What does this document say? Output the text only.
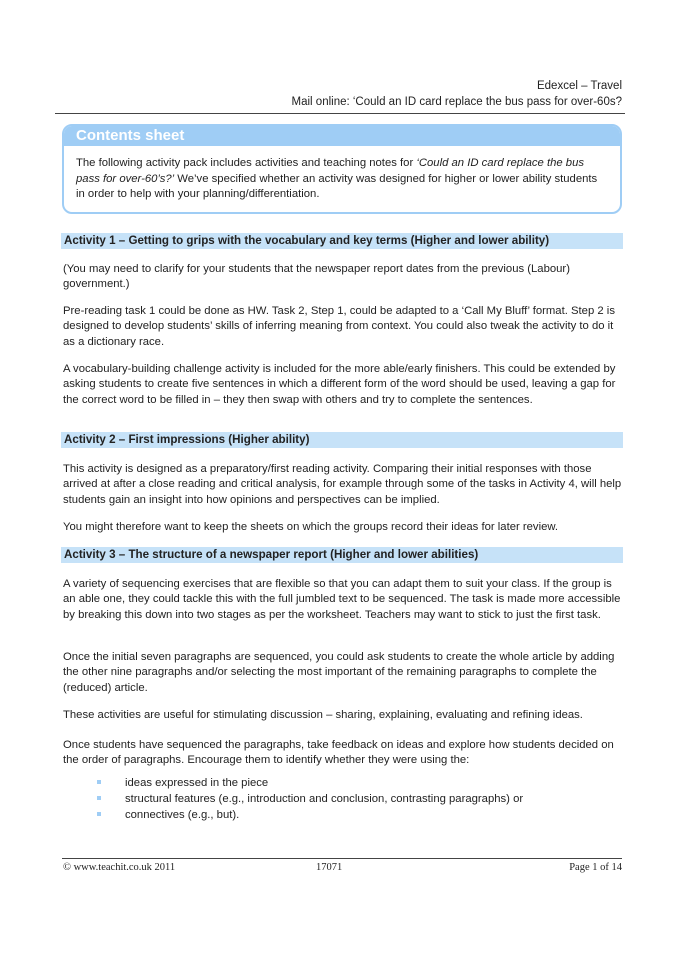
Edexcel – Travel
Mail online: ‘Could an ID card replace the bus pass for over-60s?
Contents sheet
The following activity pack includes activities and teaching notes for ‘Could an ID card replace the bus pass for over-60’s?’ We’ve specified whether an activity was designed for higher or lower ability students in order to help with your planning/differentiation.
Activity 1 – Getting to grips with the vocabulary and key terms (Higher and lower ability)
(You may need to clarify for your students that the newspaper report dates from the previous (Labour) government.)
Pre-reading task 1 could be done as HW. Task 2, Step 1, could be adapted to a ‘Call My Bluff’ format. Step 2 is designed to develop students’ skills of inferring meaning from context. You could also tweak the activity to do it as a dictionary race.
A vocabulary-building challenge activity is included for the more able/early finishers. This could be extended by asking students to create five sentences in which a different form of the word should be used, leaving a gap for the correct word to be filled in – they then swap with others and try to complete the sentences.
Activity 2 – First impressions (Higher ability)
This activity is designed as a preparatory/first reading activity. Comparing their initial responses with those arrived at after a close reading and critical analysis, for example through some of the tasks in Activity 4, will help students gain an insight into how opinions and perspectives can be implied.
You might therefore want to keep the sheets on which the groups record their ideas for later review.
Activity 3 – The structure of a newspaper report (Higher and lower abilities)
A variety of sequencing exercises that are flexible so that you can adapt them to suit your class. If the group is an able one, they could tackle this with the full jumbled text to be sequenced. The task is made more accessible by breaking this down into two stages as per the worksheet. Teachers may want to stick to just the first task.
Once the initial seven paragraphs are sequenced, you could ask students to create the whole article by adding the other nine paragraphs and/or selecting the most important of the remaining paragraphs to complete the (reduced) article.
These activities are useful for stimulating discussion – sharing, explaining, evaluating and refining ideas.
Once students have sequenced the paragraphs, take feedback on ideas and explore how students decided on the order of paragraphs. Encourage them to identify whether they were using the:
ideas expressed in the piece
structural features (e.g., introduction and conclusion, contrasting paragraphs) or
connectives (e.g., but).
© www.teachit.co.uk 2011	17071	Page 1 of 14
